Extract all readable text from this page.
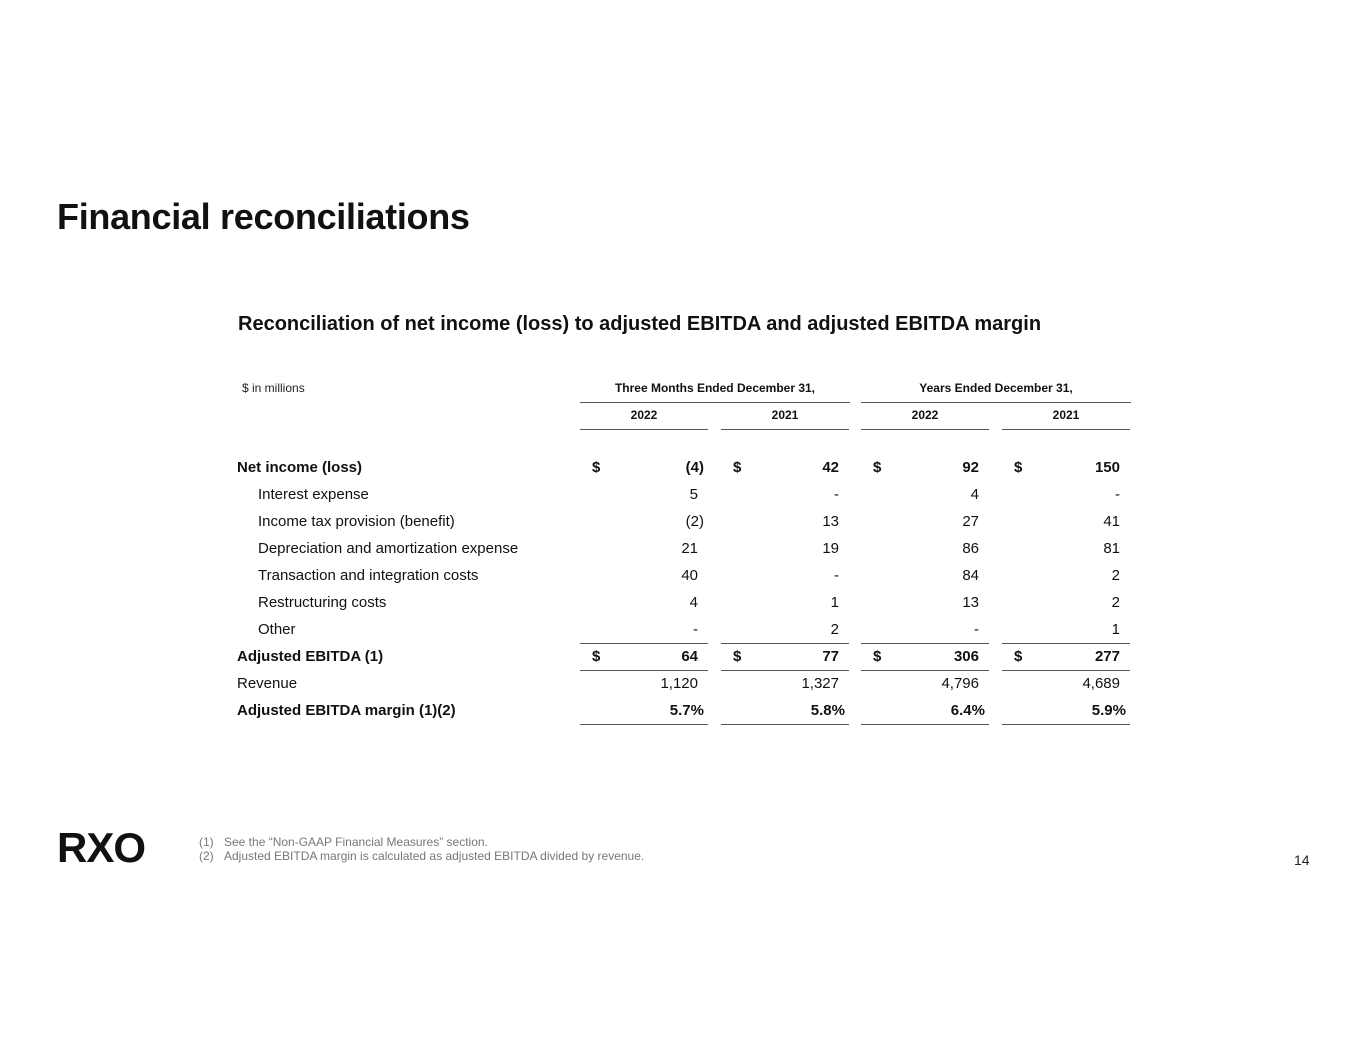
Financial reconciliations
Reconciliation of net income (loss) to adjusted EBITDA and adjusted EBITDA margin
$ in millions	Three Months Ended December 31,	Years Ended December 31,
2022	2021	2022	2021
Net income (loss)	$	(4) $	42 $	92 $	150
Interest expense	5	-	4	-
Income tax provision (benefit)	(2)	13	27	41
Depreciation and amortization expense	21	19	86	81
Transaction and integration costs	40	-	84	2
Restructuring costs	4	1	13	2
Other	-	2	-	1
Adjusted EBITDA (1)	$	64 $	77 $	306 $	277
Revenue	1,120	1,327	4,796	4,689
Adjusted EBITDA margin (1)(2)	5.7%	5.8%	6.4%	5.9%
RXO	(1) See the “Non-GAAP Financial Measures” section.
(2) Adjusted EBITDA margin is calculated as adjusted EBITDA divided by revenue.	14
